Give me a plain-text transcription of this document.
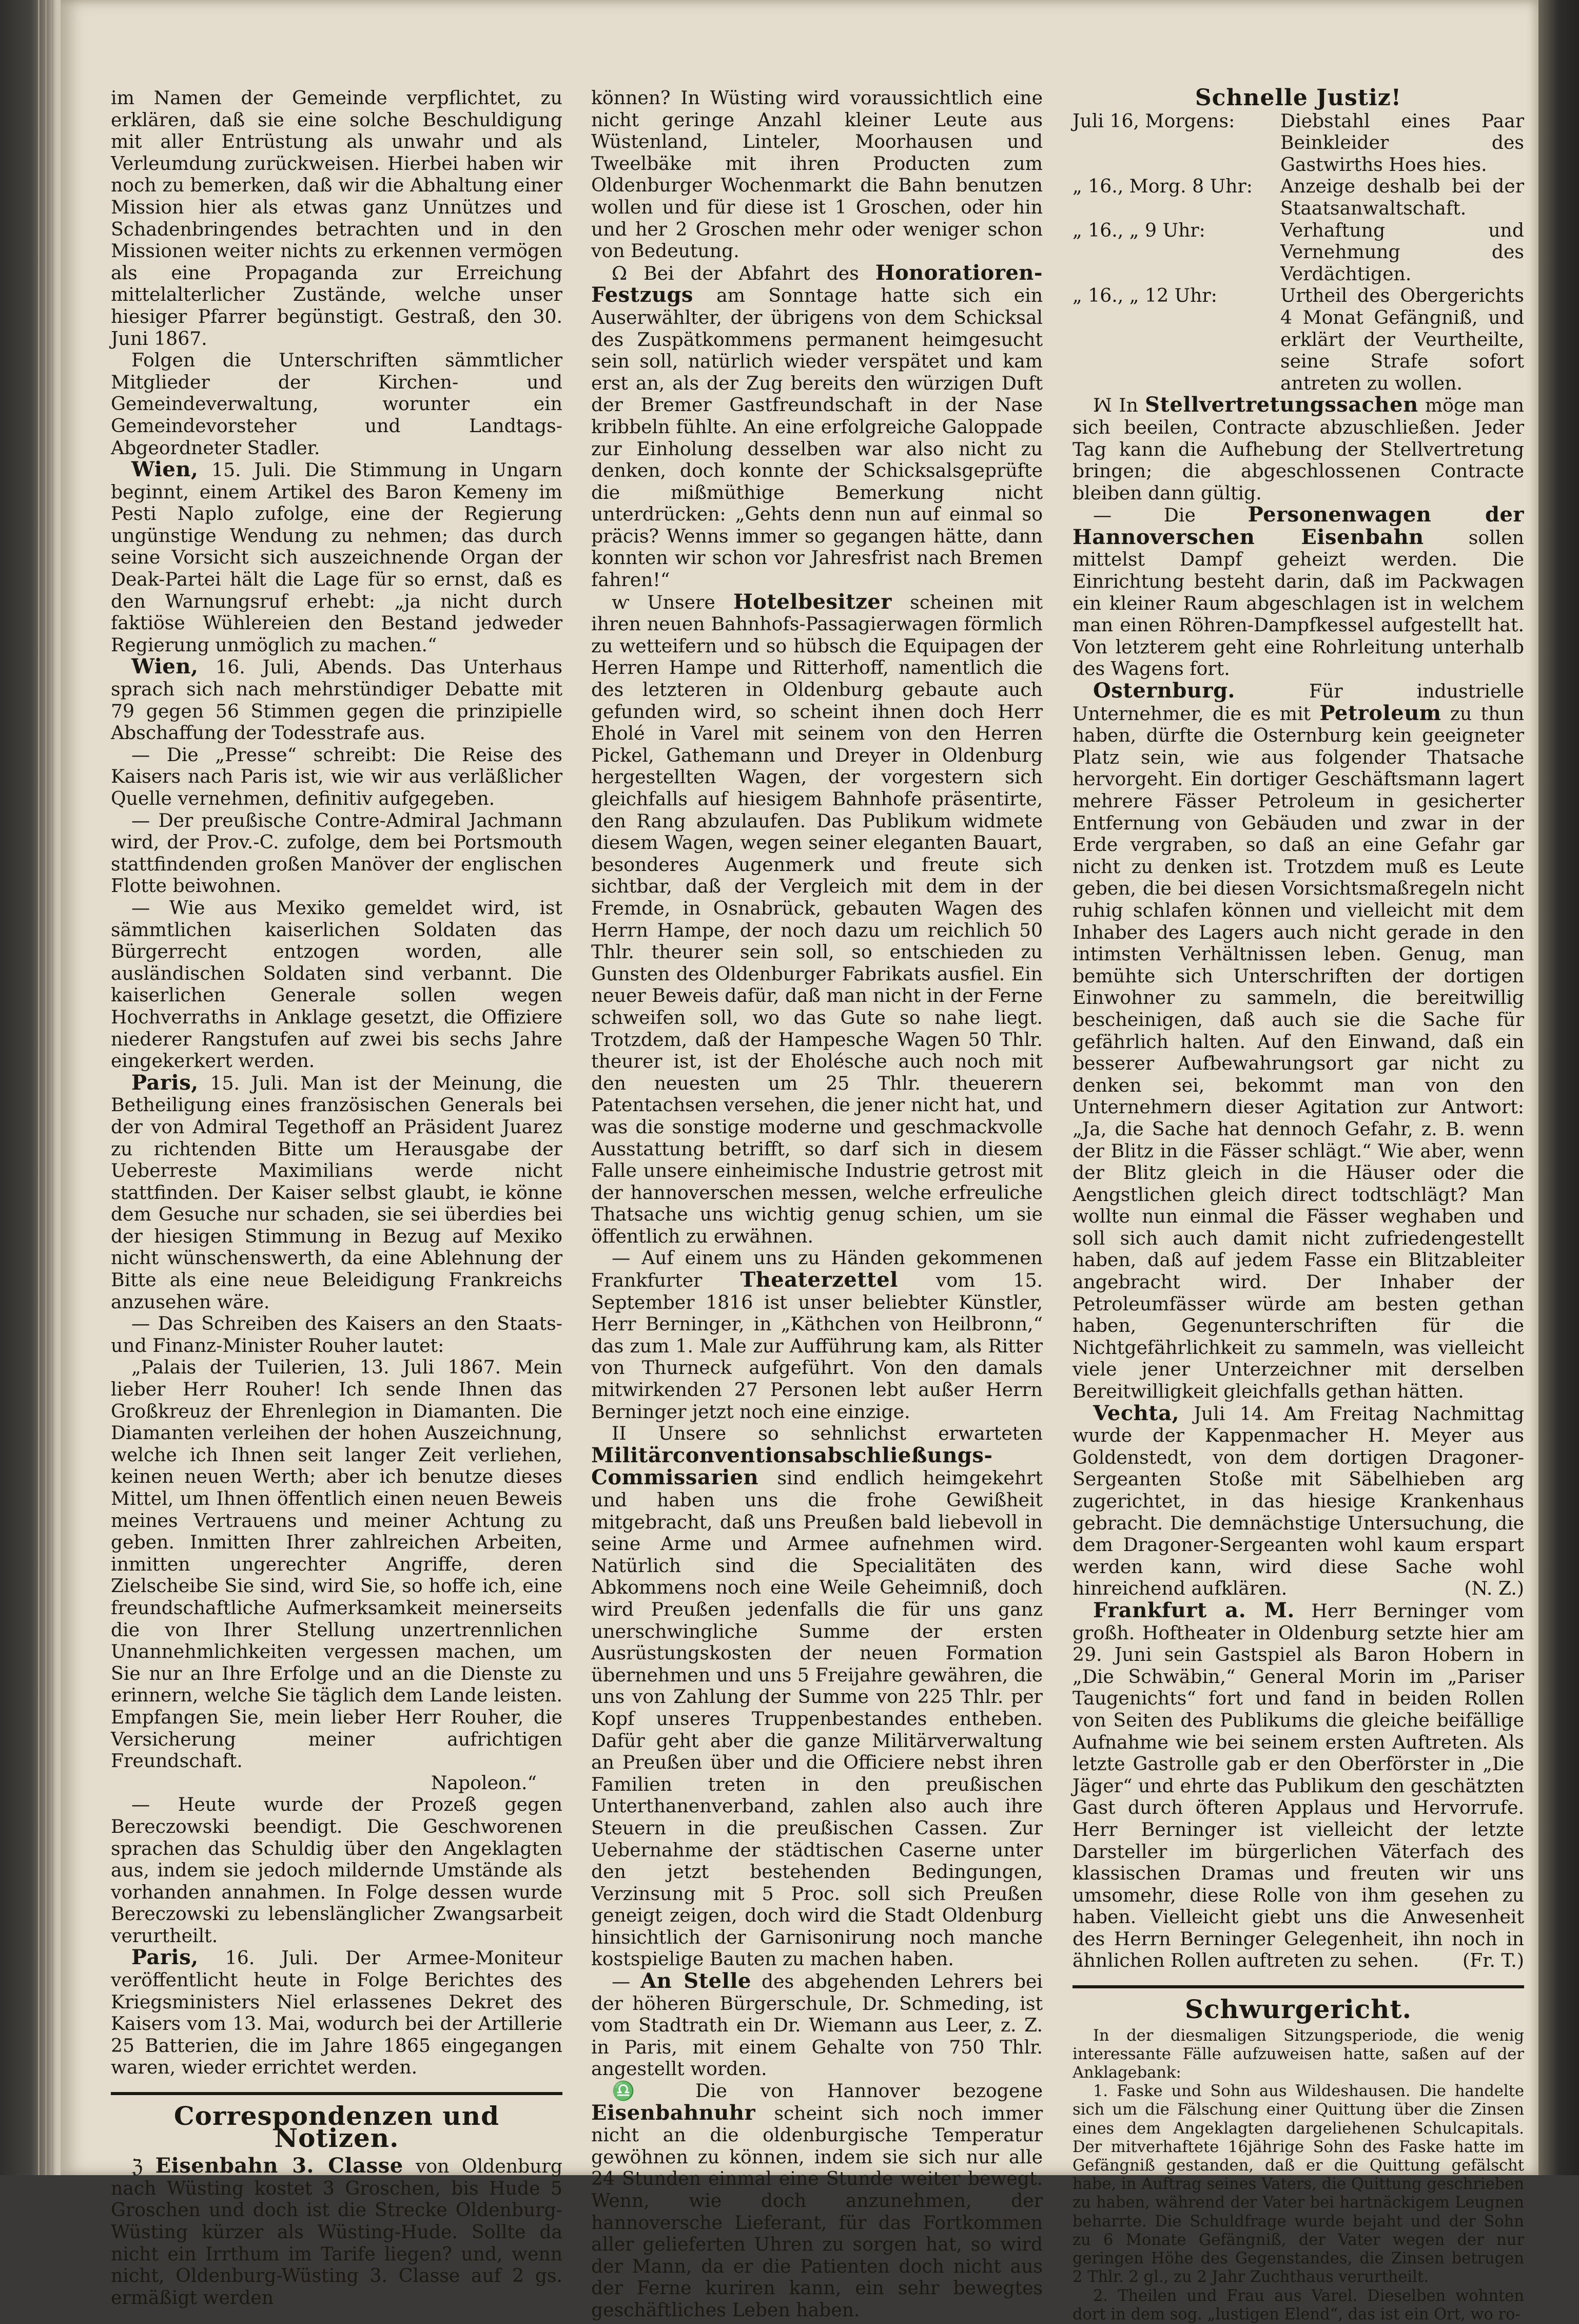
im Namen der Gemeinde verpflichtet, zu erklären, daß sie eine solche Beschuldigung mit aller Entrüstung als unwahr und als Verleumdung zurückweisen. Hierbei haben wir noch zu bemerken, daß wir die Abhaltung einer Mission hier als etwas ganz Unnützes und Schadenbringendes betrachten und in den Missionen weiter nichts zu erkennen vermögen als eine Propaganda zur Erreichung mittelalterlicher Zustände, welche unser hiesiger Pfarrer begünstigt. Gestraß, den 30. Juni 1867.

Folgen die Unterschriften sämmtlicher Mitglieder der Kirchen- und Gemeindeverwaltung, worunter ein Gemeindevorsteher und Landtags-Abgeordneter Stadler.

Wien, 15. Juli. Die Stimmung in Ungarn beginnt, einem Artikel des Baron Kemeny im Pesti Naplo zufolge, eine der Regierung ungünstige Wendung zu nehmen; das durch seine Vorsicht sich auszeichnende Organ der Deak-Partei hält die Lage für so ernst, daß es den Warnungsruf erhebt: „ja nicht durch faktiöse Wühlereien den Bestand jedweder Regierung unmöglich zu machen.“

Wien, 16. Juli, Abends. Das Unterhaus sprach sich nach mehrstündiger Debatte mit 79 gegen 56 Stimmen gegen die prinzipielle Abschaffung der Todesstrafe aus.

— Die „Presse“ schreibt: Die Reise des Kaisers nach Paris ist, wie wir aus verläßlicher Quelle vernehmen, definitiv aufgegeben.

— Der preußische Contre-Admiral Jachmann wird, der Prov.-C. zufolge, dem bei Portsmouth stattfindenden großen Manöver der englischen Flotte beiwohnen.

— Wie aus Mexiko gemeldet wird, ist sämmtlichen kaiserlichen Soldaten das Bürgerrecht entzogen worden, alle ausländischen Soldaten sind verbannt. Die kaiserlichen Generale sollen wegen Hochverraths in Anklage gesetzt, die Offiziere niederer Rangstufen auf zwei bis sechs Jahre eingekerkert werden.

Paris, 15. Juli. Man ist der Meinung, die Betheiligung eines französischen Generals bei der von Admiral Tegethoff an Präsident Juarez zu richtenden Bitte um Herausgabe der Ueberreste Maximilians werde nicht stattfinden. Der Kaiser selbst glaubt, ie könne dem Gesuche nur schaden, sie sei überdies bei der hiesigen Stimmung in Bezug auf Mexiko nicht wünschenswerth, da eine Ablehnung der Bitte als eine neue Beleidigung Frankreichs anzusehen wäre.

— Das Schreiben des Kaisers an den Staats- und Finanz-Minister Rouher lautet:

„Palais der Tuilerien, 13. Juli 1867. Mein lieber Herr Rouher! Ich sende Ihnen das Großkreuz der Ehrenlegion in Diamanten. Die Diamanten verleihen der hohen Auszeichnung, welche ich Ihnen seit langer Zeit verliehen, keinen neuen Werth; aber ich benutze dieses Mittel, um Ihnen öffentlich einen neuen Beweis meines Vertrauens und meiner Achtung zu geben. Inmitten Ihrer zahlreichen Arbeiten, inmitten ungerechter Angriffe, deren Zielscheibe Sie sind, wird Sie, so hoffe ich, eine freundschaftliche Aufmerksamkeit meinerseits die von Ihrer Stellung unzertrennlichen Unannehmlichkeiten vergessen machen, um Sie nur an Ihre Erfolge und an die Dienste zu erinnern, welche Sie täglich dem Lande leisten. Empfangen Sie, mein lieber Herr Rouher, die Versicherung meiner aufrichtigen Freundschaft.

Napoleon.“

— Heute wurde der Prozeß gegen Bereczowski beendigt. Die Geschworenen sprachen das Schuldig über den Angeklagten aus, indem sie jedoch mildernde Umstände als vorhanden annahmen. In Folge dessen wurde Bereczowski zu lebenslänglicher Zwangsarbeit verurtheilt.

Paris, 16. Juli. Der Armee-Moniteur veröffentlicht heute in Folge Berichtes des Kriegsministers Niel erlassenes Dekret des Kaisers vom 13. Mai, wodurch bei der Artillerie 25 Batterien, die im Jahre 1865 eingegangen waren, wieder errichtet werden.

Correspondenzen und Notizen.

ℨ Eisenbahn 3. Classe von Oldenburg nach Wüsting kostet 3 Groschen, bis Hude 5 Groschen und doch ist die Strecke Oldenburg-Wüsting kürzer als Wüsting-Hude. Sollte da nicht ein Irrthum im Tarife liegen? und, wenn nicht, Oldenburg-Wüsting 3. Classe auf 2 gs. ermäßigt werden

können? In Wüsting wird voraussichtlich eine nicht geringe Anzahl kleiner Leute aus Wüstenland, Linteler, Moorhausen und Tweelbäke mit ihren Producten zum Oldenburger Wochenmarkt die Bahn benutzen wollen und für diese ist 1 Groschen, oder hin und her 2 Groschen mehr oder weniger schon von Bedeutung.

Ω Bei der Abfahrt des Honoratioren-Festzugs am Sonntage hatte sich ein Auserwählter, der übrigens von dem Schicksal des Zuspätkommens permanent heimgesucht sein soll, natürlich wieder verspätet und kam erst an, als der Zug bereits den würzigen Duft der Bremer Gastfreundschaft in der Nase kribbeln fühlte. An eine erfolgreiche Galoppade zur Einholung desselben war also nicht zu denken, doch konnte der Schicksalsgeprüfte die mißmüthige Bemerkung nicht unterdrücken: „Gehts denn nun auf einmal so präcis? Wenns immer so gegangen hätte, dann konnten wir schon vor Jahresfrist nach Bremen fahren!“

ⱳ Unsere Hotelbesitzer scheinen mit ihren neuen Bahnhofs-Passagierwagen förmlich zu wetteifern und so hübsch die Equipagen der Herren Hampe und Ritterhoff, namentlich die des letzteren in Oldenburg gebaute auch gefunden wird, so scheint ihnen doch Herr Eholé in Varel mit seinem von den Herren Pickel, Gathemann und Dreyer in Oldenburg hergestellten Wagen, der vorgestern sich gleichfalls auf hiesigem Bahnhofe präsentirte, den Rang abzulaufen. Das Publikum widmete diesem Wagen, wegen seiner eleganten Bauart, besonderes Augenmerk und freute sich sichtbar, daß der Vergleich mit dem in der Fremde, in Osnabrück, gebauten Wagen des Herrn Hampe, der noch dazu um reichlich 50 Thlr. theurer sein soll, so entschieden zu Gunsten des Oldenburger Fabrikats ausfiel. Ein neuer Beweis dafür, daß man nicht in der Ferne schweifen soll, wo das Gute so nahe liegt. Trotzdem, daß der Hampesche Wagen 50 Thlr. theurer ist, ist der Eholésche auch noch mit den neuesten um 25 Thlr. theuerern Patentachsen versehen, die jener nicht hat, und was die sonstige moderne und geschmackvolle Ausstattung betrifft, so darf sich in diesem Falle unsere einheimische Industrie getrost mit der hannoverschen messen, welche erfreuliche Thatsache uns wichtig genug schien, um sie öffentlich zu erwähnen.

— Auf einem uns zu Händen gekommenen Frankfurter Theaterzettel vom 15. September 1816 ist unser beliebter Künstler, Herr Berninger, in „Käthchen von Heilbronn,“ das zum 1. Male zur Aufführung kam, als Ritter von Thurneck aufgeführt. Von den damals mitwirkenden 27 Personen lebt außer Herrn Berninger jetzt noch eine einzige.

II Unsere so sehnlichst erwarteten Militärconventionsabschließungs-Commissarien sind endlich heimgekehrt und haben uns die frohe Gewißheit mitgebracht, daß uns Preußen bald liebevoll in seine Arme und Armee aufnehmen wird. Natürlich sind die Specialitäten des Abkommens noch eine Weile Geheimniß, doch wird Preußen jedenfalls die für uns ganz unerschwingliche Summe der ersten Ausrüstungskosten der neuen Formation übernehmen und uns 5 Freijahre gewähren, die uns von Zahlung der Summe von 225 Thlr. per Kopf unseres Truppenbestandes entheben. Dafür geht aber die ganze Militärverwaltung an Preußen über und die Officiere nebst ihren Familien treten in den preußischen Unterthanenverband, zahlen also auch ihre Steuern in die preußischen Cassen. Zur Uebernahme der städtischen Caserne unter den jetzt bestehenden Bedingungen, Verzinsung mit 5 Proc. soll sich Preußen geneigt zeigen, doch wird die Stadt Oldenburg hinsichtlich der Garnisonirung noch manche kostspielige Bauten zu machen haben.

— An Stelle des abgehenden Lehrers bei der höheren Bürgerschule, Dr. Schmeding, ist vom Stadtrath ein Dr. Wiemann aus Leer, z. Z. in Paris, mit einem Gehalte von 750 Thlr. angestellt worden.

♎ Die von Hannover bezogene Eisenbahnuhr scheint sich noch immer nicht an die oldenburgische Temperatur gewöhnen zu können, indem sie sich nur alle 24 Stunden einmal eine Stunde weiter bewegt. Wenn, wie doch anzunehmen, der hannoversche Lieferant, für das Fortkommen aller gelieferten Uhren zu sorgen hat, so wird der Mann, da er die Patienten doch nicht aus der Ferne kuriren kann, ein sehr bewegtes geschäftliches Leben haben.

Schnelle Justiz!
Juli 16, Morgens:	Diebstahl eines Paar Beinkleider des Gastwirths Hoes hies.
„ 16., Morg. 8 Uhr:	Anzeige deshalb bei der Staatsanwaltschaft.
„ 16., „ 9 Uhr:	Verhaftung und Vernehmung des Verdächtigen.
„ 16., „ 12 Uhr:	Urtheil des Obergerichts 4 Monat Gefängniß, und erklärt der Veurtheilte, seine Strafe sofort antreten zu wollen.

ꟽ In Stellvertretungssachen möge man sich beeilen, Contracte abzuschließen. Jeder Tag kann die Aufhebung der Stellvertretung bringen; die abgeschlossenen Contracte bleiben dann gültig.

— Die Personenwagen der Hannoverschen Eisenbahn sollen mittelst Dampf geheizt werden. Die Einrichtung besteht darin, daß im Packwagen ein kleiner Raum abgeschlagen ist in welchem man einen Röhren-Dampfkessel aufgestellt hat. Von letzterem geht eine Rohrleitung unterhalb des Wagens fort.

Osternburg. Für industrielle Unternehmer, die es mit Petroleum zu thun haben, dürfte die Osternburg kein geeigneter Platz sein, wie aus folgender Thatsache hervorgeht. Ein dortiger Geschäftsmann lagert mehrere Fässer Petroleum in gesicherter Entfernung von Gebäuden und zwar in der Erde vergraben, so daß an eine Gefahr gar nicht zu denken ist. Trotzdem muß es Leute geben, die bei diesen Vorsichtsmaßregeln nicht ruhig schlafen können und vielleicht mit dem Inhaber des Lagers auch nicht gerade in den intimsten Verhältnissen leben. Genug, man bemühte sich Unterschriften der dortigen Einwohner zu sammeln, die bereitwillig bescheinigen, daß auch sie die Sache für gefährlich halten. Auf den Einwand, daß ein besserer Aufbewahrungsort gar nicht zu denken sei, bekommt man von den Unternehmern dieser Agitation zur Antwort: „Ja, die Sache hat dennoch Gefahr, z. B. wenn der Blitz in die Fässer schlägt.“ Wie aber, wenn der Blitz gleich in die Häuser oder die Aengstlichen gleich direct todtschlägt? Man wollte nun einmal die Fässer weghaben und soll sich auch damit nicht zufriedengestellt haben, daß auf jedem Fasse ein Blitzableiter angebracht wird. Der Inhaber der Petroleumfässer würde am besten gethan haben, Gegenunterschriften für die Nichtgefährlichkeit zu sammeln, was vielleicht viele jener Unterzeichner mit derselben Bereitwilligkeit gleichfalls gethan hätten.

Vechta, Juli 14. Am Freitag Nachmittag wurde der Kappenmacher H. Meyer aus Goldenstedt, von dem dortigen Dragoner-Sergeanten Stoße mit Säbelhieben arg zugerichtet, in das hiesige Krankenhaus gebracht. Die demnächstige Untersuchung, die dem Dragoner-Sergeanten wohl kaum erspart werden kann, wird diese Sache wohl hinreichend aufklären.	(N. Z.)

Frankfurt a. M. Herr Berninger vom großh. Hoftheater in Oldenburg setzte hier am 29. Juni sein Gastspiel als Baron Hobern in „Die Schwäbin,“ General Morin im „Pariser Taugenichts“ fort und fand in beiden Rollen von Seiten des Publikums die gleiche beifällige Aufnahme wie bei seinem ersten Auftreten. Als letzte Gastrolle gab er den Oberförster in „Die Jäger“ und ehrte das Publikum den geschätzten Gast durch öfteren Applaus und Hervorrufe. Herr Berninger ist vielleicht der letzte Darsteller im bürgerlichen Väterfach des klassischen Dramas und freuten wir uns umsomehr, diese Rolle von ihm gesehen zu haben. Vielleicht giebt uns die Anwesenheit des Herrn Berninger Gelegenheit, ihn noch in ähnlichen Rollen auftreten zu sehen.	(Fr. T.)

Schwurgericht.

In der diesmaligen Sitzungsperiode, die wenig interessante Fälle aufzuweisen hatte, saßen auf der Anklagebank:

1. Faske und Sohn aus Wildeshausen. Die handelte sich um die Fälschung einer Quittung über die Zinsen eines dem Angeklagten dargeliehenen Schulcapitals. Der mitverhaftete 16jährige Sohn des Faske hatte im Gefängniß gestanden, daß er die Quittung gefälscht habe, in Auftrag seines Vaters, die Quittung geschrieben zu haben, während der Vater bei hartnäckigem Leugnen beharrte. Die Schuldfrage wurde bejaht und der Sohn zu 6 Monate Gefängniß, der Vater wegen der nur geringen Höhe des Gegenstandes, die Zinsen betrugen 2 Thlr. 2 gl., zu 2 Jahr Zuchthaus verurtheilt.

2. Theilen und Frau aus Varel. Dieselben wohnten dort in dem sog. „lustigen Elend“, das ist ein Ort, wo ro-
